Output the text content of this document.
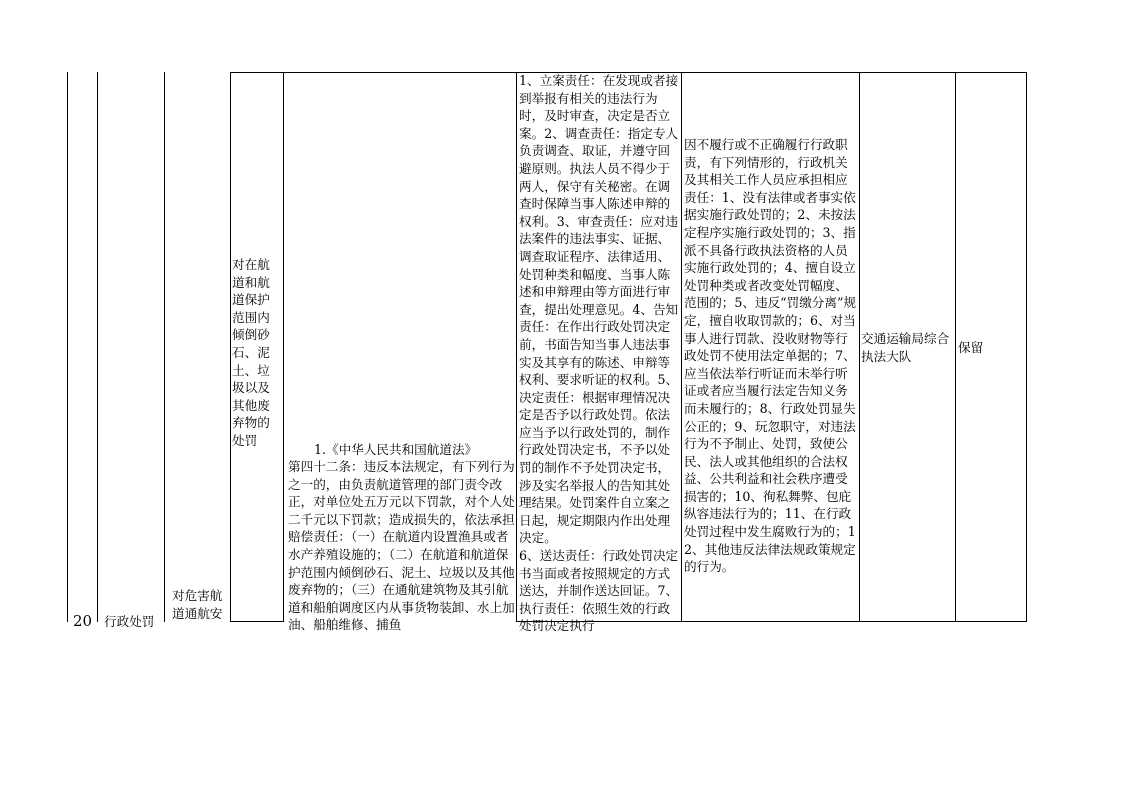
20 行政处罚
对危害航道通航安
对在航道和航道保护范围内倾倒砂石、泥土、垃圾以及其他废弃物的处罚
1.《中华人民共和国航道法》
第四十二条：违反本法规定，有下列行为之一的，由负责航道管理的部门责令改正，对单位处五万元以下罚款，对个人处二千元以下罚款；造成损失的，依法承担赔偿责任：（一）在航道内设置渔具或者水产养殖设施的；（二）在航道和航道保护范围内倾倒砂石、泥土、垃圾以及其他废弃物的；（三）在通航建筑物及其引航道和船舶调度区内从事货物装卸、水上加油、船舶维修、捕鱼
1、立案责任：在发现或者接到举报有相关的违法行为时，及时审查，决定是否立案。2、调查责任：指定专人负责调查、取证，并遵守回避原则。执法人员不得少于两人，保守有关秘密。在调查时保障当事人陈述申辩的权利。3、审查责任：应对违法案件的违法事实、证据、调查取证程序、法律适用、处罚种类和幅度、当事人陈述和申辩理由等方面进行审查，提出处理意见。4、告知责任：在作出行政处罚决定前，书面告知当事人违法事实及其享有的陈述、申辩等权利、要求听证的权利。5、决定责任：根据审理情况决定是否予以行政处罚。依法应当予以行政处罚的，制作行政处罚决定书，不予以处罚的制作不予处罚决定书，涉及实名举报人的告知其处理结果。处罚案件自立案之日起，规定期限内作出处理决定。
6、送达责任：行政处罚决定书当面或者按照规定的方式送达，并制作送达回证。7、执行责任：依照生效的行政处罚决定执行
因不履行或不正确履行行政职责，有下列情形的，行政机关及其相关工作人员应承担相应责任：1、没有法律或者事实依据实施行政处罚的；2、未按法定程序实施行政处罚的；3、指派不具备行政执法资格的人员实施行政处罚的；4、擅自设立处罚种类或者改变处罚幅度、范围的；5、违反“罚缴分离”规定，擅自收取罚款的；6、对当事人进行罚款、没收财物等行政处罚不使用法定单据的；7、应当依法举行听证而未举行听证或者应当履行法定告知义务而未履行的；8、行政处罚显失公正的；9、玩忽职守，对违法行为不予制止、处罚，致使公民、法人或其他组织的合法权益、公共利益和社会秩序遭受损害的；10、徇私舞弊、包庇纵容违法行为的；11、在行政处罚过程中发生腐败行为的；12、其他违反法律法规政策规定的行为。
交通运输局综合执法大队
保留
